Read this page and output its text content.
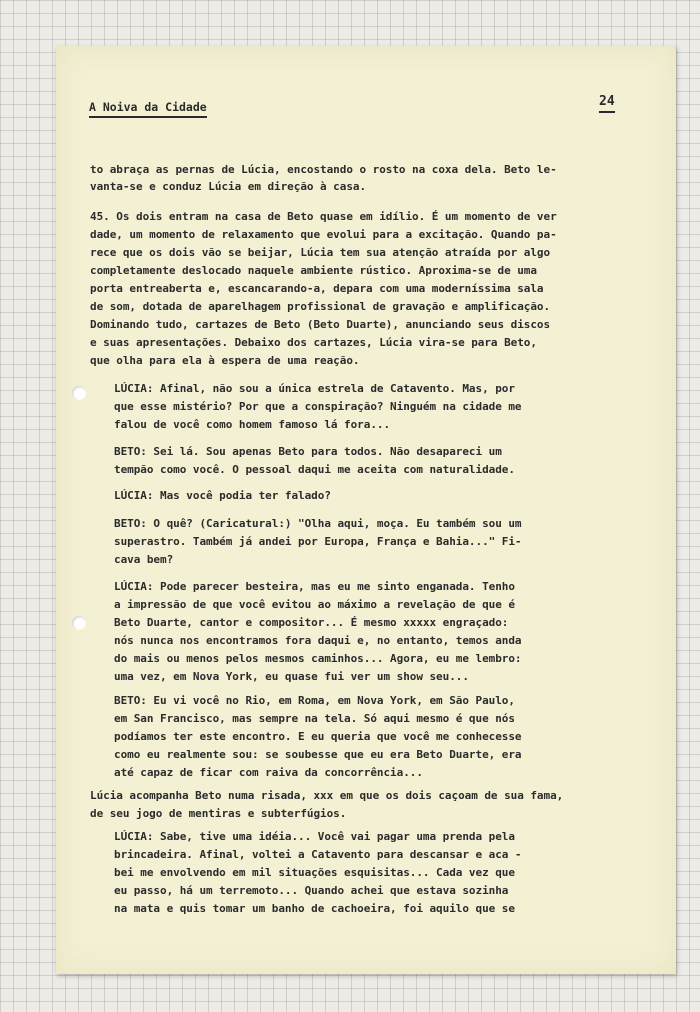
A Noiva da Cidade	24
to abraça as pernas de Lúcia, encostando o rosto na coxa dela. Beto le-
vanta-se e conduz Lúcia em direção à casa.
45. Os dois entram na casa de Beto quase em idílio. É um momento de ver
dade, um momento de relaxamento que evolui para a excitação. Quando pa-
rece que os dois vão se beijar, Lúcia tem sua atenção atraída por algo
completamente deslocado naquele ambiente rústico. Aproxima-se de uma
porta entreaberta e, escancarando-a, depara com uma moderníssima sala
de som, dotada de aparelhagem profissional de gravação e amplificação.
Dominando tudo, cartazes de Beto (Beto Duarte), anunciando seus discos
e suas apresentações. Debaixo dos cartazes, Lúcia vira-se para Beto,
que olha para ela à espera de uma reação.
LÚCIA: Afinal, não sou a única estrela de Catavento. Mas, por
que esse mistério? Por que a conspiração? Ninguém na cidade me
falou de você como homem famoso lá fora...
BETO: Sei lá. Sou apenas Beto para todos. Não desapareci um
tempão como você. O pessoal daqui me aceita com naturalidade.
LÚCIA: Mas você podia ter falado?
BETO: O quê? (Caricatural:) "Olha aqui, moça. Eu também sou um
superastro. Também já andei por Europa, França e Bahia..." Fi-
cava bem?
LÚCIA: Pode parecer besteira, mas eu me sinto enganada. Tenho
a impressão de que você evitou ao máximo a revelação de que é
Beto Duarte, cantor e compositor... É mesmo xxxxx engraçado:
nós nunca nos encontramos fora daqui e, no entanto, temos anda
do mais ou menos pelos mesmos caminhos... Agora, eu me lembro:
uma vez, em Nova York, eu quase fui ver um show seu...
BETO: Eu vi você no Rio, em Roma, em Nova York, em São Paulo,
em San Francisco, mas sempre na tela. Só aqui mesmo é que nós
podíamos ter este encontro. E eu queria que você me conhecesse
como eu realmente sou: se soubesse que eu era Beto Duarte, era
até capaz de ficar com raiva da concorrência...
Lúcia acompanha Beto numa risada, xxx em que os dois caçoam de sua fama,
de seu jogo de mentiras e subterfúgios.
LÚCIA: Sabe, tive uma idéia... Você vai pagar uma prenda pela
brincadeira. Afinal, voltei a Catavento para descansar e aca -
bei me envolvendo em mil situações esquisitas... Cada vez que
eu passo, há um terremoto... Quando achei que estava sozinha
na mata e quis tomar um banho de cachoeira, foi aquilo que se
